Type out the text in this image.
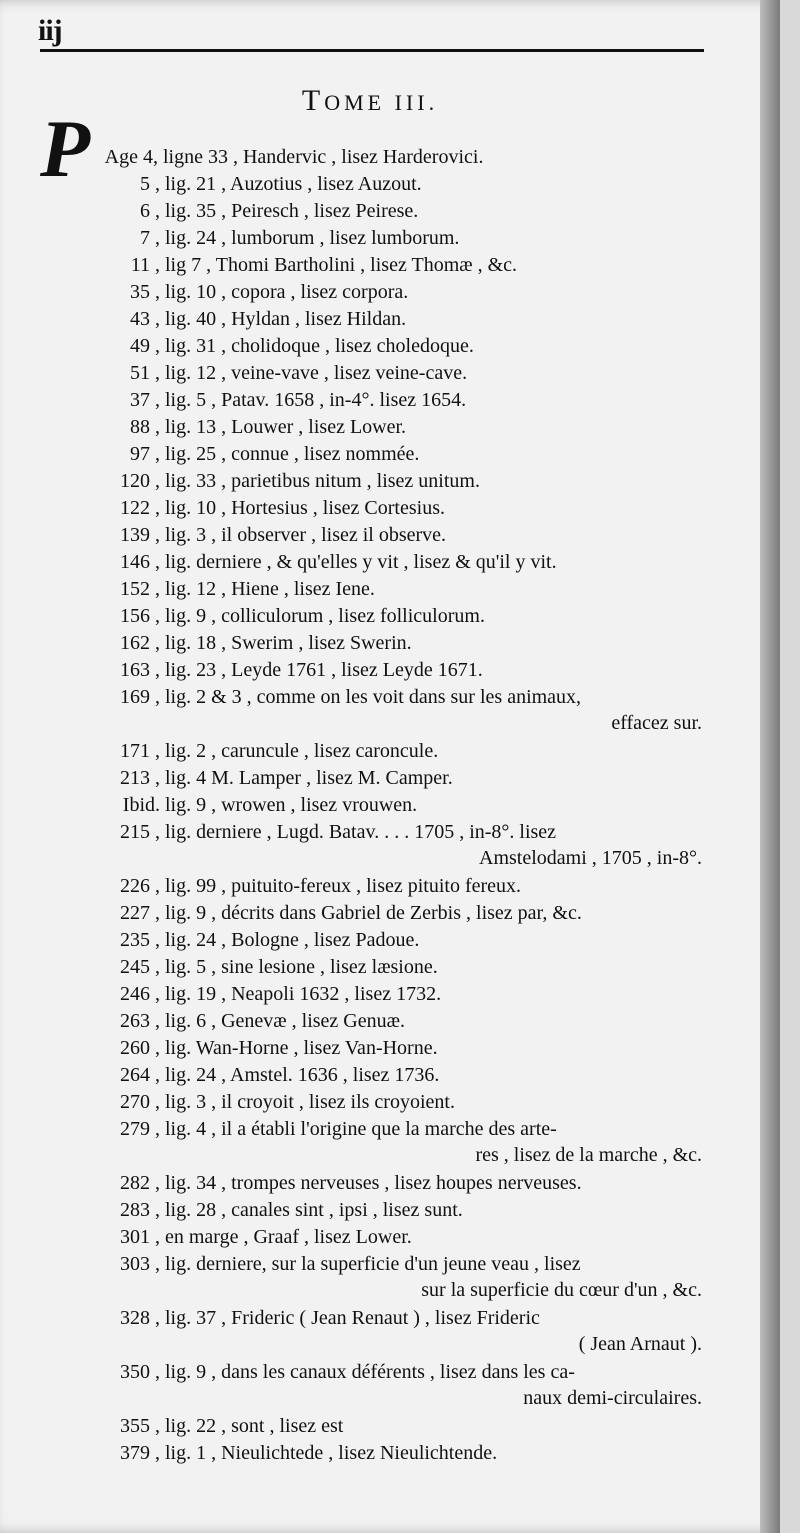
iij
TOME III.
P Age 4, ligne 33 , Handervic , lisez Harderovici.
5 , lig. 21 , Auzotius , lisez Auzout.
6 , lig. 35 , Peiresch , lisez Peirese.
7 , lig. 24 , lumborum , lisez lumborum.
11 , lig 7 , Thomi Bartholini , lisez Thomæ , &c.
35 , lig. 10 , copora , lisez corpora.
43 , lig. 40 , Hyldan , lisez Hildan.
49 , lig. 31 , cholidoque , lisez choledoque.
51 , lig. 12 , veine-vave , lisez veine-cave.
37 , lig. 5 , Patav. 1658 , in-4°. lisez 1654.
88 , lig. 13 , Louwer , lisez Lower.
97 , lig. 25 , connue , lisez nommée.
120 , lig. 33 , parietibus nitum , lisez unitum.
122 , lig. 10 , Hortesius , lisez Cortesius.
139 , lig. 3 , il observer , lisez il observe.
146 , lig. derniere , & qu'elles y vit , lisez & qu'il y vit.
152 , lig. 12 , Hiene , lisez Iene.
156 , lig. 9 , colliculorum , lisez folliculorum.
162 , lig. 18 , Swerim , lisez Swerin.
163 , lig. 23 , Leyde 1761 , lisez Leyde 1671.
169 , lig. 2 & 3 , comme on les voit dans sur les animaux,
effacez sur.
171 , lig. 2 , caruncule , lisez caroncule.
213 , lig. 4 M. Lamper , lisez M. Camper.
Ibid. lig. 9 , wrowen , lisez vrouwen.
215 , lig. derniere , Lugd. Batav. . . . 1705 , in-8°. lisez
Amstelodami , 1705 , in-8°.
226 , lig. 99 , puituito-fereux , lisez pituito fereux.
227 , lig. 9 , décrits dans Gabriel de Zerbis , lisez par, &c.
235 , lig. 24 , Bologne , lisez Padoue.
245 , lig. 5 , sine lesione , lisez læsione.
246 , lig. 19 , Neapoli 1632 , lisez 1732.
263 , lig. 6 , Genevæ , lisez Genuæ.
260 , lig. Wan-Horne , lisez Van-Horne.
264 , lig. 24 , Amstel. 1636 , lisez 1736.
270 , lig. 3 , il croyoit , lisez ils croyoient.
279 , lig. 4 , il a établi l'origine que la marche des arte-
res , lisez de la marche , &c.
282 , lig. 34 , trompes nerveuses , lisez houpes nerveuses.
283 , lig. 28 , canales sint , ipsi , lisez sunt.
301 , en marge , Graaf , lisez Lower.
303 , lig. derniere, sur la superficie d'un jeune veau , lisez
sur la superficie du cœur d'un , &c.
328 , lig. 37 , Frideric ( Jean Renaut ) , lisez Frideric
( Jean Arnaut ).
350 , lig. 9 , dans les canaux déférents , lisez dans les ca-
naux demi-circulaires.
355 , lig. 22 , sont , lisez est
379 , lig. 1 , Nieulichtede , lisez Nieulichtende.
